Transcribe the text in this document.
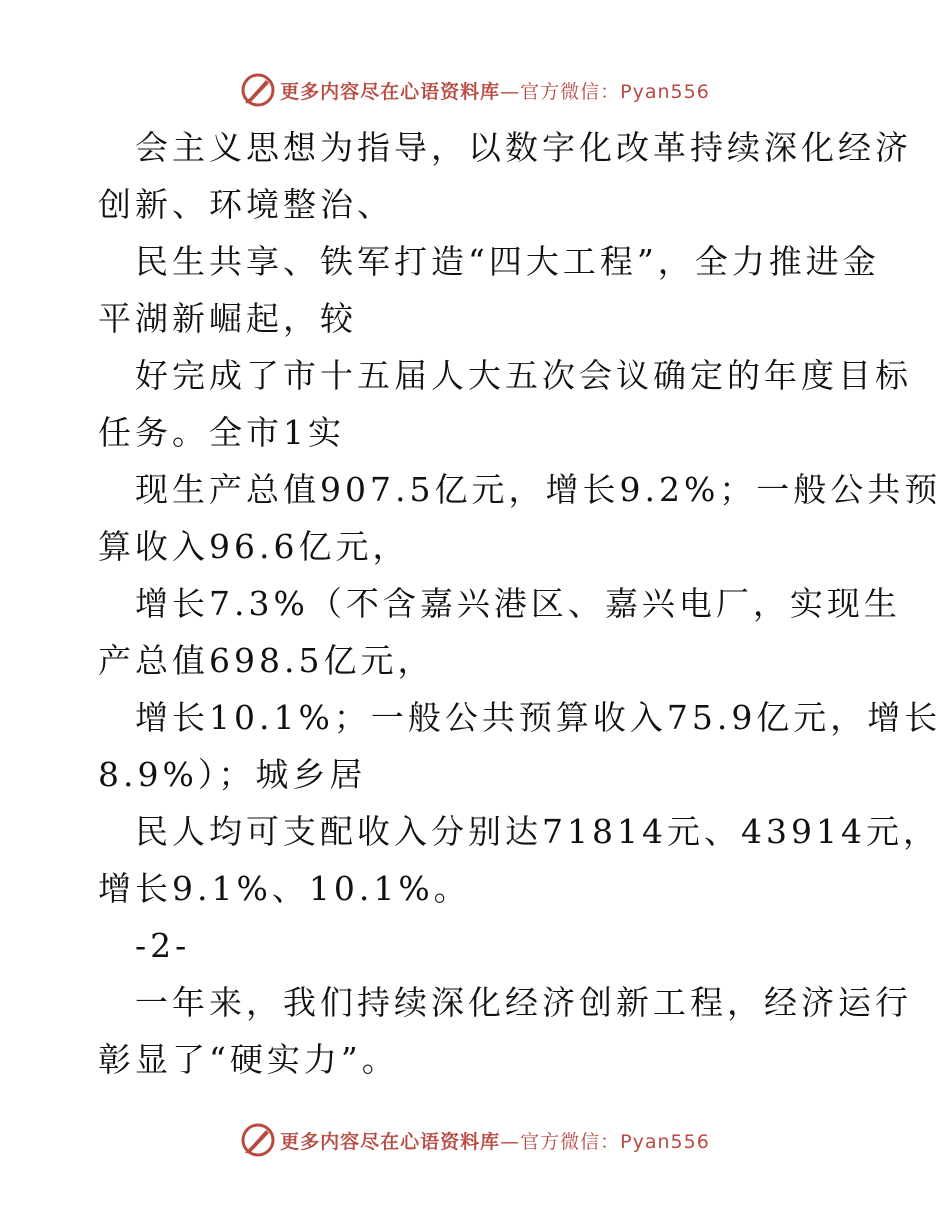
更多内容尽在心语资料库—官方微信：Pyan556
会主义思想为指导，以数字化改革持续深化经济
创新、环境整治、
民生共享、铁军打造“四大工程”，全力推进金
平湖新崛起，较
好完成了市十五届人大五次会议确定的年度目标
任务。全市1实
现生产总值907.5亿元，增长9.2%；一般公共预
算收入96.6亿元，
增长7.3%（不含嘉兴港区、嘉兴电厂，实现生
产总值698.5亿元，
增长10.1%；一般公共预算收入75.9亿元，增长
8.9%）；城乡居
民人均可支配收入分别达71814元、43914元，
增长9.1%、10.1%。
-2-
一年来，我们持续深化经济创新工程，经济运行
彰显了“硬实力”。
更多内容尽在心语资料库—官方微信：Pyan556
